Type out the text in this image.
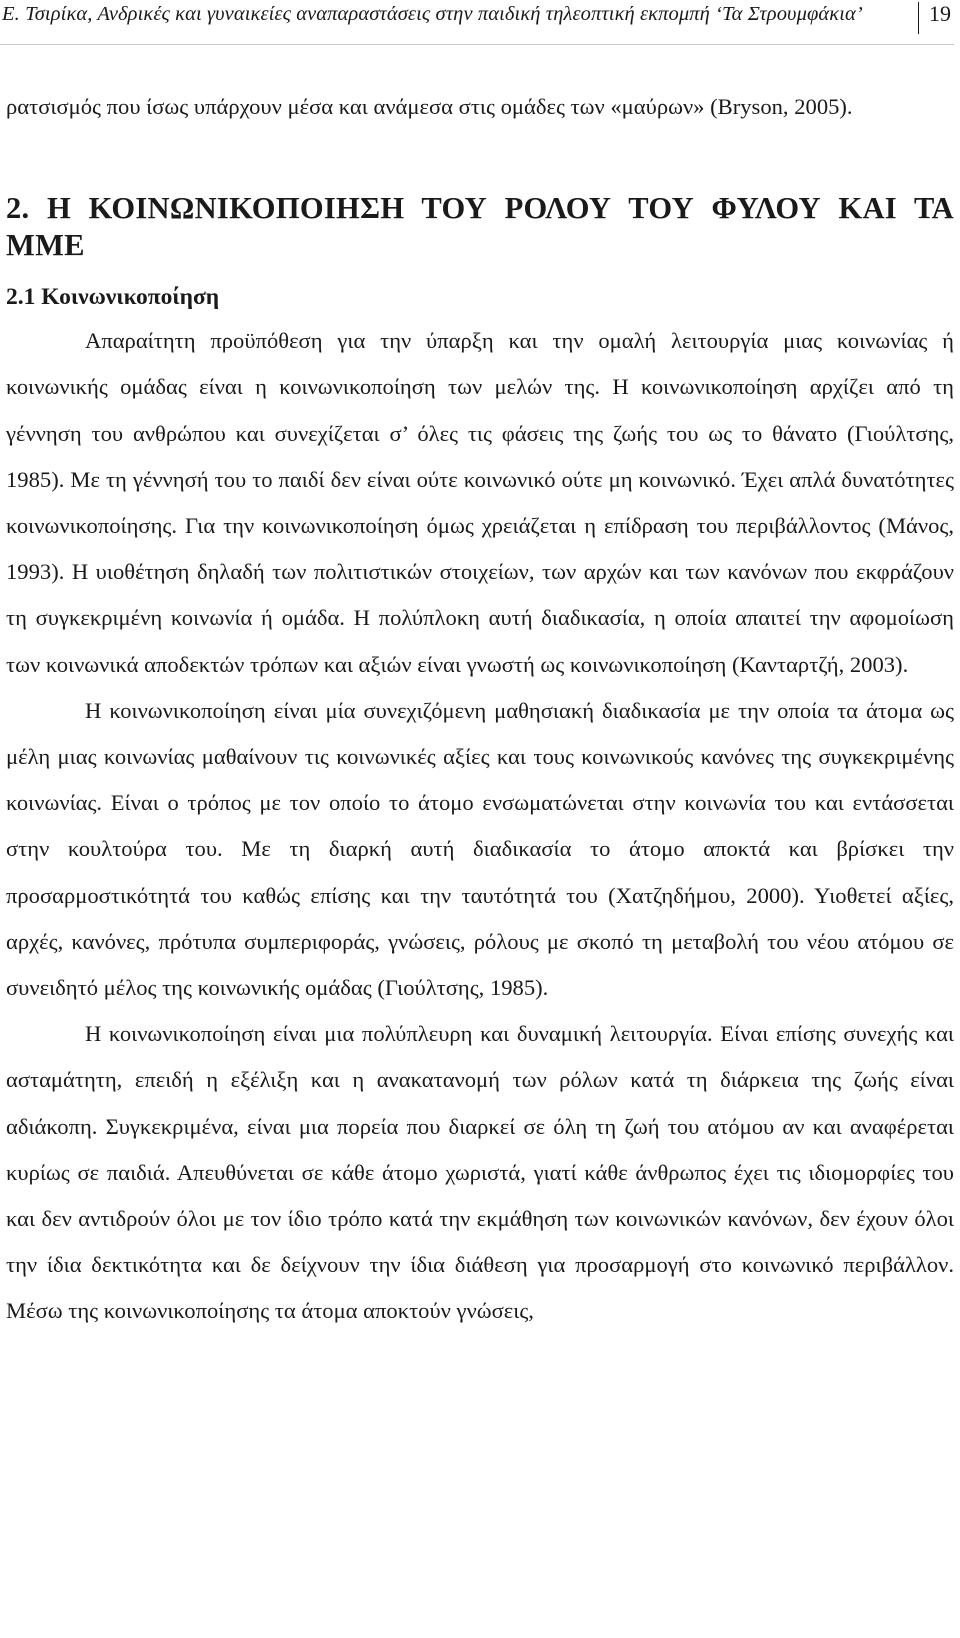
Ε. Τσιρίκα, Ανδρικές και γυναικείες αναπαραστάσεις στην παιδική τηλεοπτική εκπομπή ‘Τα Στρουμφάκια’	19

ρατσισμός που ίσως υπάρχουν μέσα και ανάμεσα στις ομάδες των «μαύρων» (Bryson, 2005).

2. Η ΚΟΙΝΩΝΙΚΟΠΟΙΗΣΗ ΤΟΥ ΡΟΛΟΥ ΤΟΥ ΦΥΛΟΥ ΚΑΙ ΤΑ ΜΜΕ
2.1 Κοινωνικοποίηση

Απαραίτητη προϋπόθεση για την ύπαρξη και την ομαλή λειτουργία μιας κοινωνίας ή κοινωνικής ομάδας είναι η κοινωνικοποίηση των μελών της. Η κοινωνικοποίηση αρχίζει από τη γέννηση του ανθρώπου και συνεχίζεται σ’ όλες τις φάσεις της ζωής του ως το θάνατο (Γιούλτσης, 1985). Με τη γέννησή του το παιδί δεν είναι ούτε κοινωνικό ούτε μη κοινωνικό. Έχει απλά δυνατότητες κοινωνικοποίησης. Για την κοινωνικοποίηση όμως χρειάζεται η επίδραση του περιβάλλοντος (Μάνος, 1993). Η υιοθέτηση δηλαδή των πολιτιστικών στοιχείων, των αρχών και των κανόνων που εκφράζουν τη συγκεκριμένη κοινωνία ή ομάδα. Η πολύπλοκη αυτή διαδικασία, η οποία απαιτεί την αφομοίωση των κοινωνικά αποδεκτών τρόπων και αξιών είναι γνωστή ως κοινωνικοποίηση (Κανταρτζή, 2003).

Η κοινωνικοποίηση είναι μία συνεχιζόμενη μαθησιακή διαδικασία με την οποία τα άτομα ως μέλη μιας κοινωνίας μαθαίνουν τις κοινωνικές αξίες και τους κοινωνικούς κανόνες της συγκεκριμένης κοινωνίας. Είναι ο τρόπος με τον οποίο το άτομο ενσωματώνεται στην κοινωνία του και εντάσσεται στην κουλτούρα του. Με τη διαρκή αυτή διαδικασία το άτομο αποκτά και βρίσκει την προσαρμοστικότητά του καθώς επίσης και την ταυτότητά του (Χατζηδήμου, 2000). Υιοθετεί αξίες, αρχές, κανόνες, πρότυπα συμπεριφοράς, γνώσεις, ρόλους με σκοπό τη μεταβολή του νέου ατόμου σε συνειδητό μέλος της κοινωνικής ομάδας (Γιούλτσης, 1985).

Η κοινωνικοποίηση είναι μια πολύπλευρη και δυναμική λειτουργία. Είναι επίσης συνεχής και ασταμάτητη, επειδή η εξέλιξη και η ανακατανομή των ρόλων κατά τη διάρκεια της ζωής είναι αδιάκοπη. Συγκεκριμένα, είναι μια πορεία που διαρκεί σε όλη τη ζωή του ατόμου αν και αναφέρεται κυρίως σε παιδιά. Απευθύνεται σε κάθε άτομο χωριστά, γιατί κάθε άνθρωπος έχει τις ιδιομορφίες του και δεν αντιδρούν όλοι με τον ίδιο τρόπο κατά την εκμάθηση των κοινωνικών κανόνων, δεν έχουν όλοι την ίδια δεκτικότητα και δε δείχνουν την ίδια διάθεση για προσαρμογή στο κοινωνικό περιβάλλον. Μέσω της κοινωνικοποίησης τα άτομα αποκτούν γνώσεις,
